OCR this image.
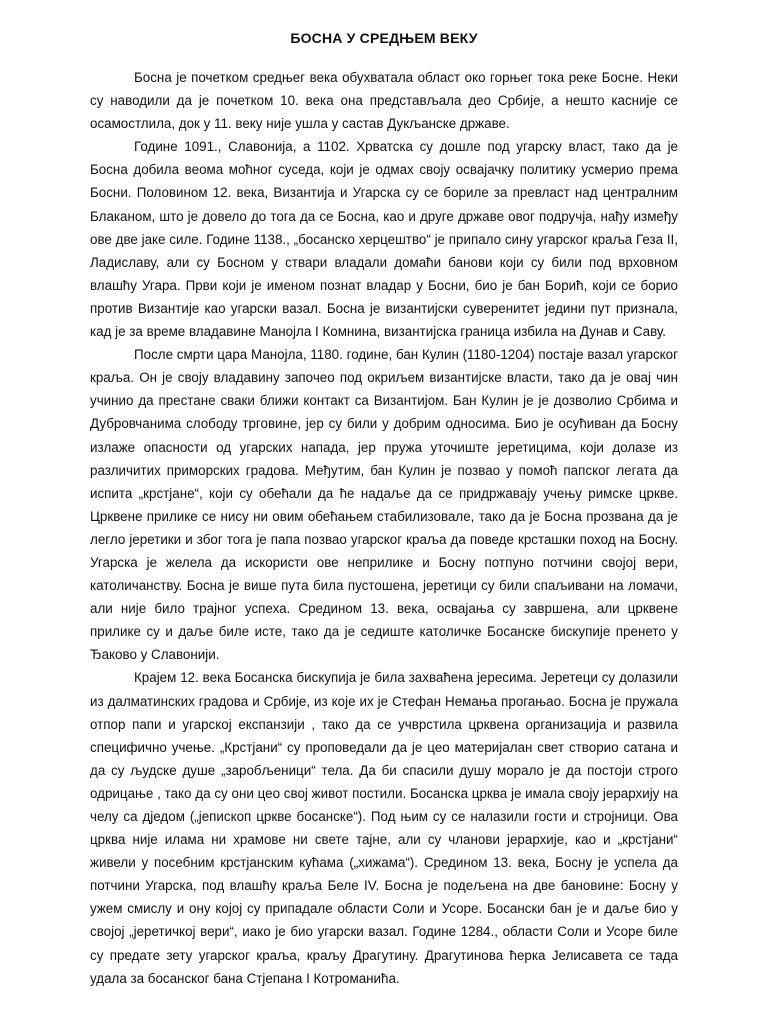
БОСНА У СРЕДЊЕМ ВЕКУ

Босна је почетком средњег века обухватала област око горњег тока реке Босне. Неки су наводили да је почетком 10. века она представљала део Србије, а нешто касније се осамостлила, док у 11. веку није ушла у састав Дукљанске државе.

Године 1091., Славонија, а 1102. Хрватска су дошле под угарску власт, тако да је Босна добила веома моћног суседа, који је одмах своју освајачку политику усмерио према Босни. Половином 12. века, Византија и Угарска су се бориле за превласт над централним Блаканом, што је довело до тога да се Босна, као и друге државе овог подручја, нађу између ове две јаке силе. Године 1138., „босанско херцештво“ је припало сину угарског краља Геза II, Ладиславу, али су Босном у ствари владали домаћи банови који су били под врховном влашћу Угара. Први који је именом познат владар у Босни, био је бан Борић, који се борио против Византије као угарски вазал. Босна је византијски суверенитет једини пут признала, кад је за време владавине Манојла I Комнина, византијска граница избила на Дунав и Саву.

После смрти цара Манојла, 1180. године, бан Кулин (1180-1204) постаје вазал угарског краља. Он је своју владавину започео под окриљем византијске власти, тако да је овај чин учинио да престане сваки ближи контакт са Византијом. Бан Кулин је је дозволио Србима и Дубровчанима слободу трговине, јер су били у добрим односима. Био је осућиван да Босну излаже опасности од угарских напада, јер пружа уточиште јеретицима, који долазе из различитих приморских градова. Међутим, бан Кулин је позвао у помоћ папског легата да испита „крстјане“, који су обећали да ће надаље да се придржавају учењу римске цркве. Црквене прилике се нису ни овим обећањем стабилизовале, тако да је Босна прозвана да је легло јеретики и због тога је папа позвао угарског краља да поведе крсташки поход на Босну. Угарска је желела да искористи ове неприлике и Босну потпуно потчини својој вери, католичанству. Босна је више пута била пустошена, јеретици су били спаљивани на ломачи, али није било трајног успеха. Средином 13. века, освајања су завршена, али црквене прилике су и даље биле исте, тако да је седиште католичке Босанске бискупије пренето у Ђаково у Славонији.

Крајем 12. века Босанска бискупија је била захваћена јересима. Јеретеци су долазили из далматинских градова и Србије, из које их је Стефан Немања прогањао. Босна је пружала отпор папи и угарској експанзији , тако да се учврстила црквена организација и развила специфично учење. „Крстјани“ су проповедали да је цео материјалан свет створио сатана и да су људске душе „заробљеници“ тела. Да би спасили душу морало је да постоји строго одрицање , тако да су они цео свој живот постили. Босанска црква је имала своју јерархију на челу са дједом („јепископ цркве босанске“). Под њим су се налазили гости и стројници. Ова црква није илама ни храмове ни свете тајне, али су чланови јерархије, као и „крстјани“ живели у посебним крстјанским кућама („хижама“). Средином 13. века, Босну је успела да потчини Угарска, под влашћу краља Беле IV. Босна је подељена на две бановине: Босну у ужем смислу и ону којој су припадале области Соли и Усоре. Босански бан је и даље био у својој „јеретичкој вери“, иако је био угарски вазал. Године 1284., области Соли и Усоре биле су предате зету угарског краља, краљу Драгутину. Драгутинова ћерка Јелисавета се тада удала за босанског бана Стјепана I Котроманића.
